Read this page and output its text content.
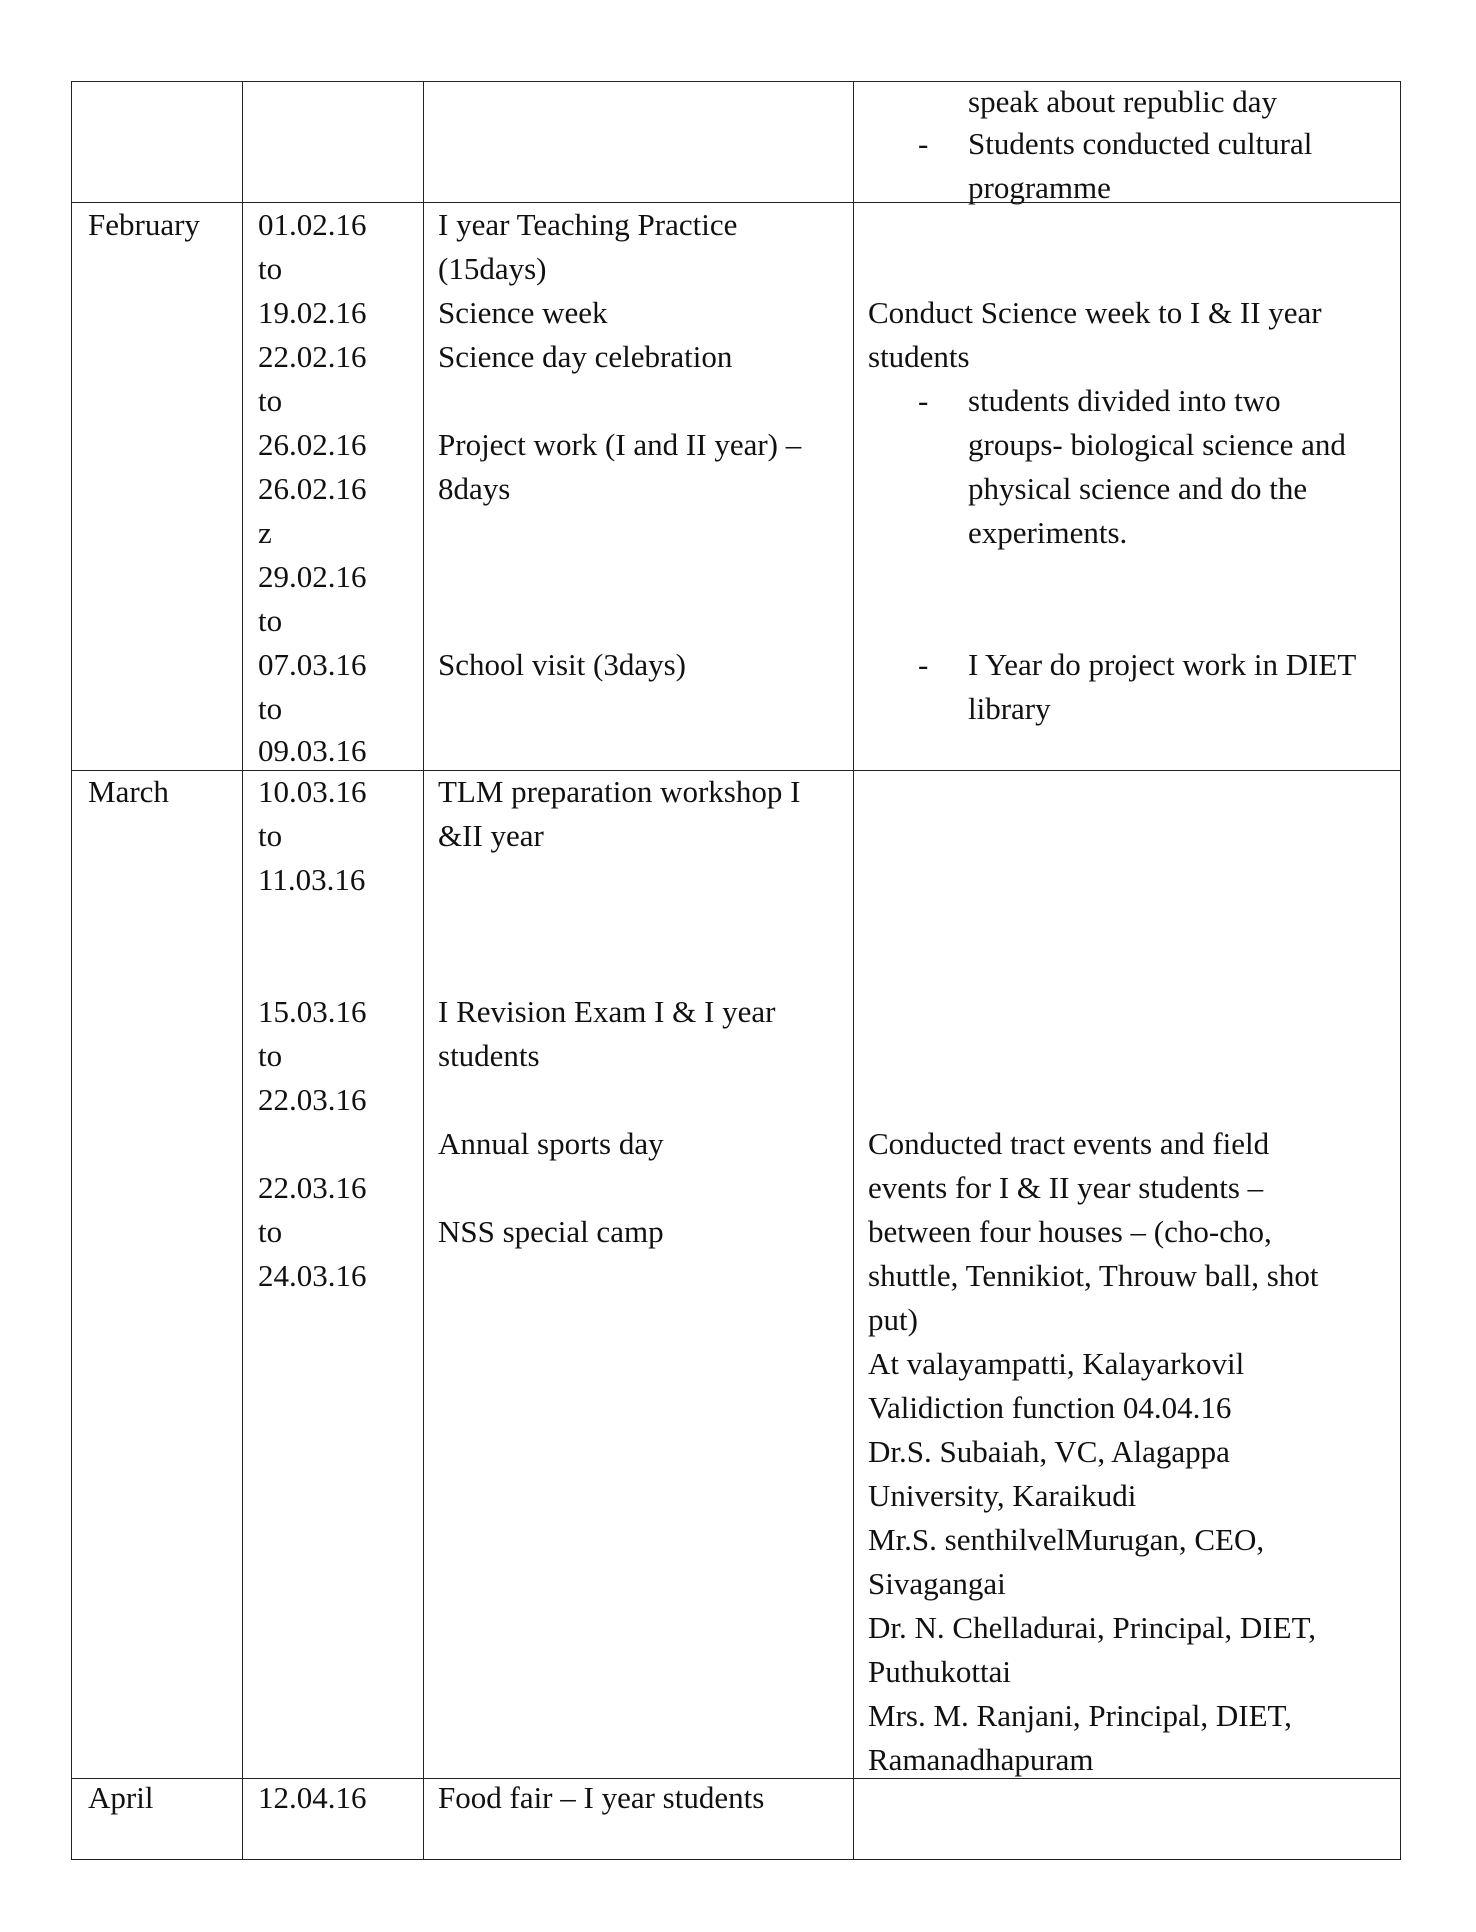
speak about republic day
- Students conducted cultural
programme
February 01.02.16
to
19.02.16
22.02.16
to
26.02.16
26.02.16
z
29.02.16
to
07.03.16
to
09.03.16
I year Teaching Practice
(15days)
Science week
Science day celebration
Project work (I and II year) –
8days
School visit (3days)
Conduct Science week to I & II year
students
- students divided into two
groups- biological science and
physical science and do the
experiments.
- I Year do project work in DIET
library
March	10.03.16
to
11.03.16
15.03.16
to
22.03.16
22.03.16
to
24.03.16
TLM preparation workshop I
&II year
I Revision Exam I & I year
students
Annual sports day
NSS special camp
Conducted tract events and field
events for I & II year students –
between four houses – (cho-cho,
shuttle, Tennikiot, Throuw ball, shot
put)
At valayampatti, Kalayarkovil
Validiction function 04.04.16
Dr.S. Subaiah, VC, Alagappa
University, Karaikudi
Mr.S. senthilvelMurugan, CEO,
Sivagangai
Dr. N. Chelladurai, Principal, DIET,
Puthukottai
Mrs. M. Ranjani, Principal, DIET,
Ramanadhapuram
April	12.04.16 Food fair – I year students
